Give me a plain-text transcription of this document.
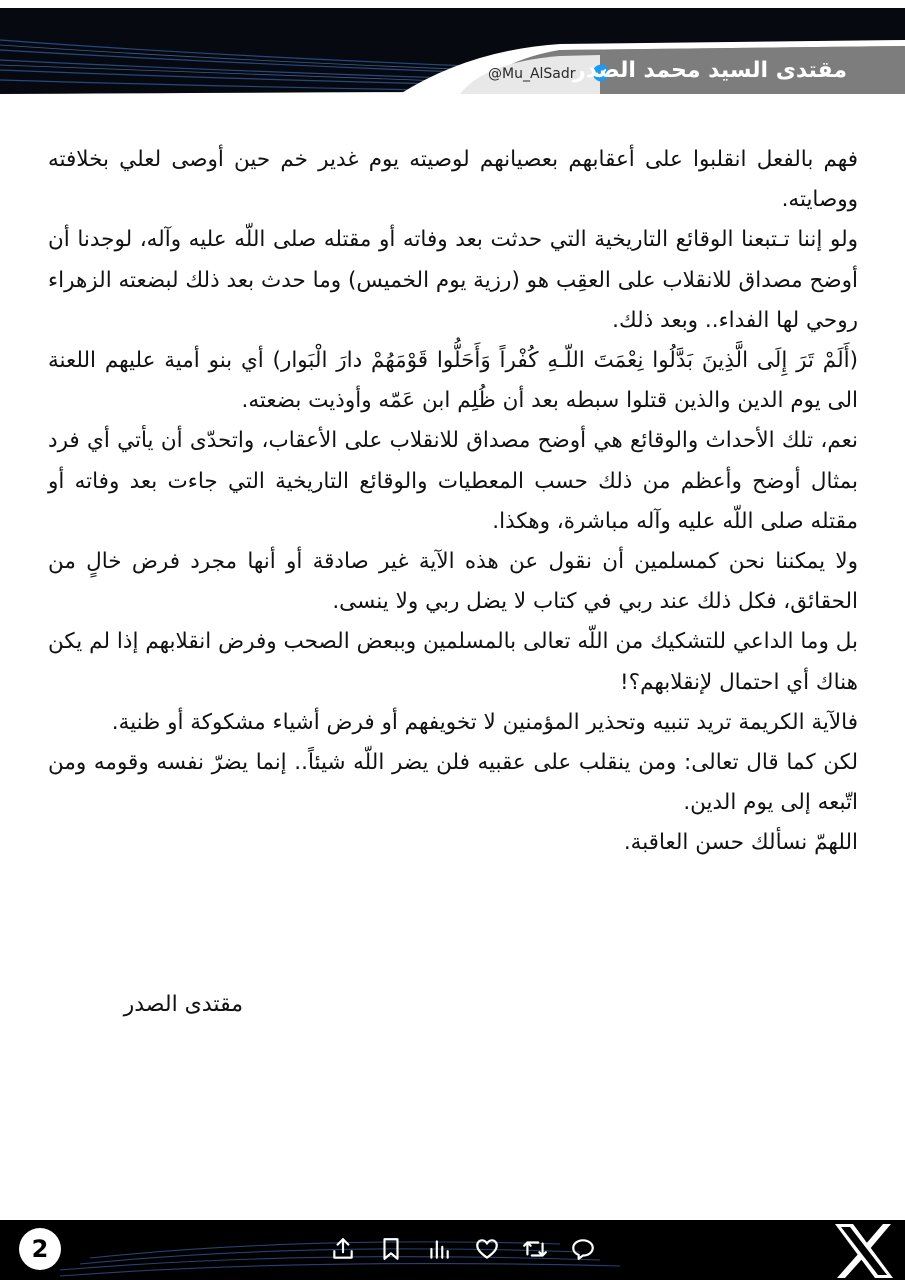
@Mu_AlSadr
مقتدى السيد محمد الصدر

فهم بالفعل انقلبوا على أعقابهم بعصيانهم لوصيته يوم غدير خم حين أوصى لعلي بخلافته ووصايته.

ولو إننا تـتبعنا الوقائع التاريخية التي حدثت بعد وفاته أو مقتله صلى اللّه عليه وآله، لوجدنا أن أوضح مصداق للانقلاب على العقِب هو (رزية يوم الخميس) وما حدث بعد ذلك لبضعته الزهراء روحي لها الفداء.. وبعد ذلك.

(أَلَمْ تَرَ إِلَى الَّذِينَ بَدَّلُوا نِعْمَتَ اللّـهِ كُفْراً وَأَحَلُّوا قَوْمَهُمْ دارَ الْبَوار) أي بنو أمية عليهم اللعنة الى يوم الدين والذين قتلوا سبطه بعد أن ظُلِم ابن عَمّه وأوذيت بضعته.

نعم، تلك الأحداث والوقائع هي أوضح مصداق للانقلاب على الأعقاب، واتحدّى أن يأتي أي فرد بمثال أوضح وأعظم من ذلك حسب المعطيات والوقائع التاريخية التي جاءت بعد وفاته أو مقتله صلى اللّه عليه وآله مباشرة، وهكذا.

ولا يمكننا نحن كمسلمين أن نقول عن هذه الآية غير صادقة أو أنها مجرد فرض خالٍ من الحقائق، فكل ذلك عند ربي في كتاب لا يضل ربي ولا ينسى.

بل وما الداعي للتشكيك من اللّه تعالى بالمسلمين وببعض الصحب وفرض انقلابهم إذا لم يكن هناك أي احتمال لإنقلابهم؟!

فالآية الكريمة تريد تنبيه وتحذير المؤمنين لا تخويفهم أو فرض أشياء مشكوكة أو ظنية.

لكن كما قال تعالى: ومن ينقلب على عقبيه فلن يضر اللّه شيئاً.. إنما يضرّ نفسه وقومه ومن اتّبعه إلى يوم الدين.

اللهمّ نسألك حسن العاقبة.

مقتدى الصدر
2
